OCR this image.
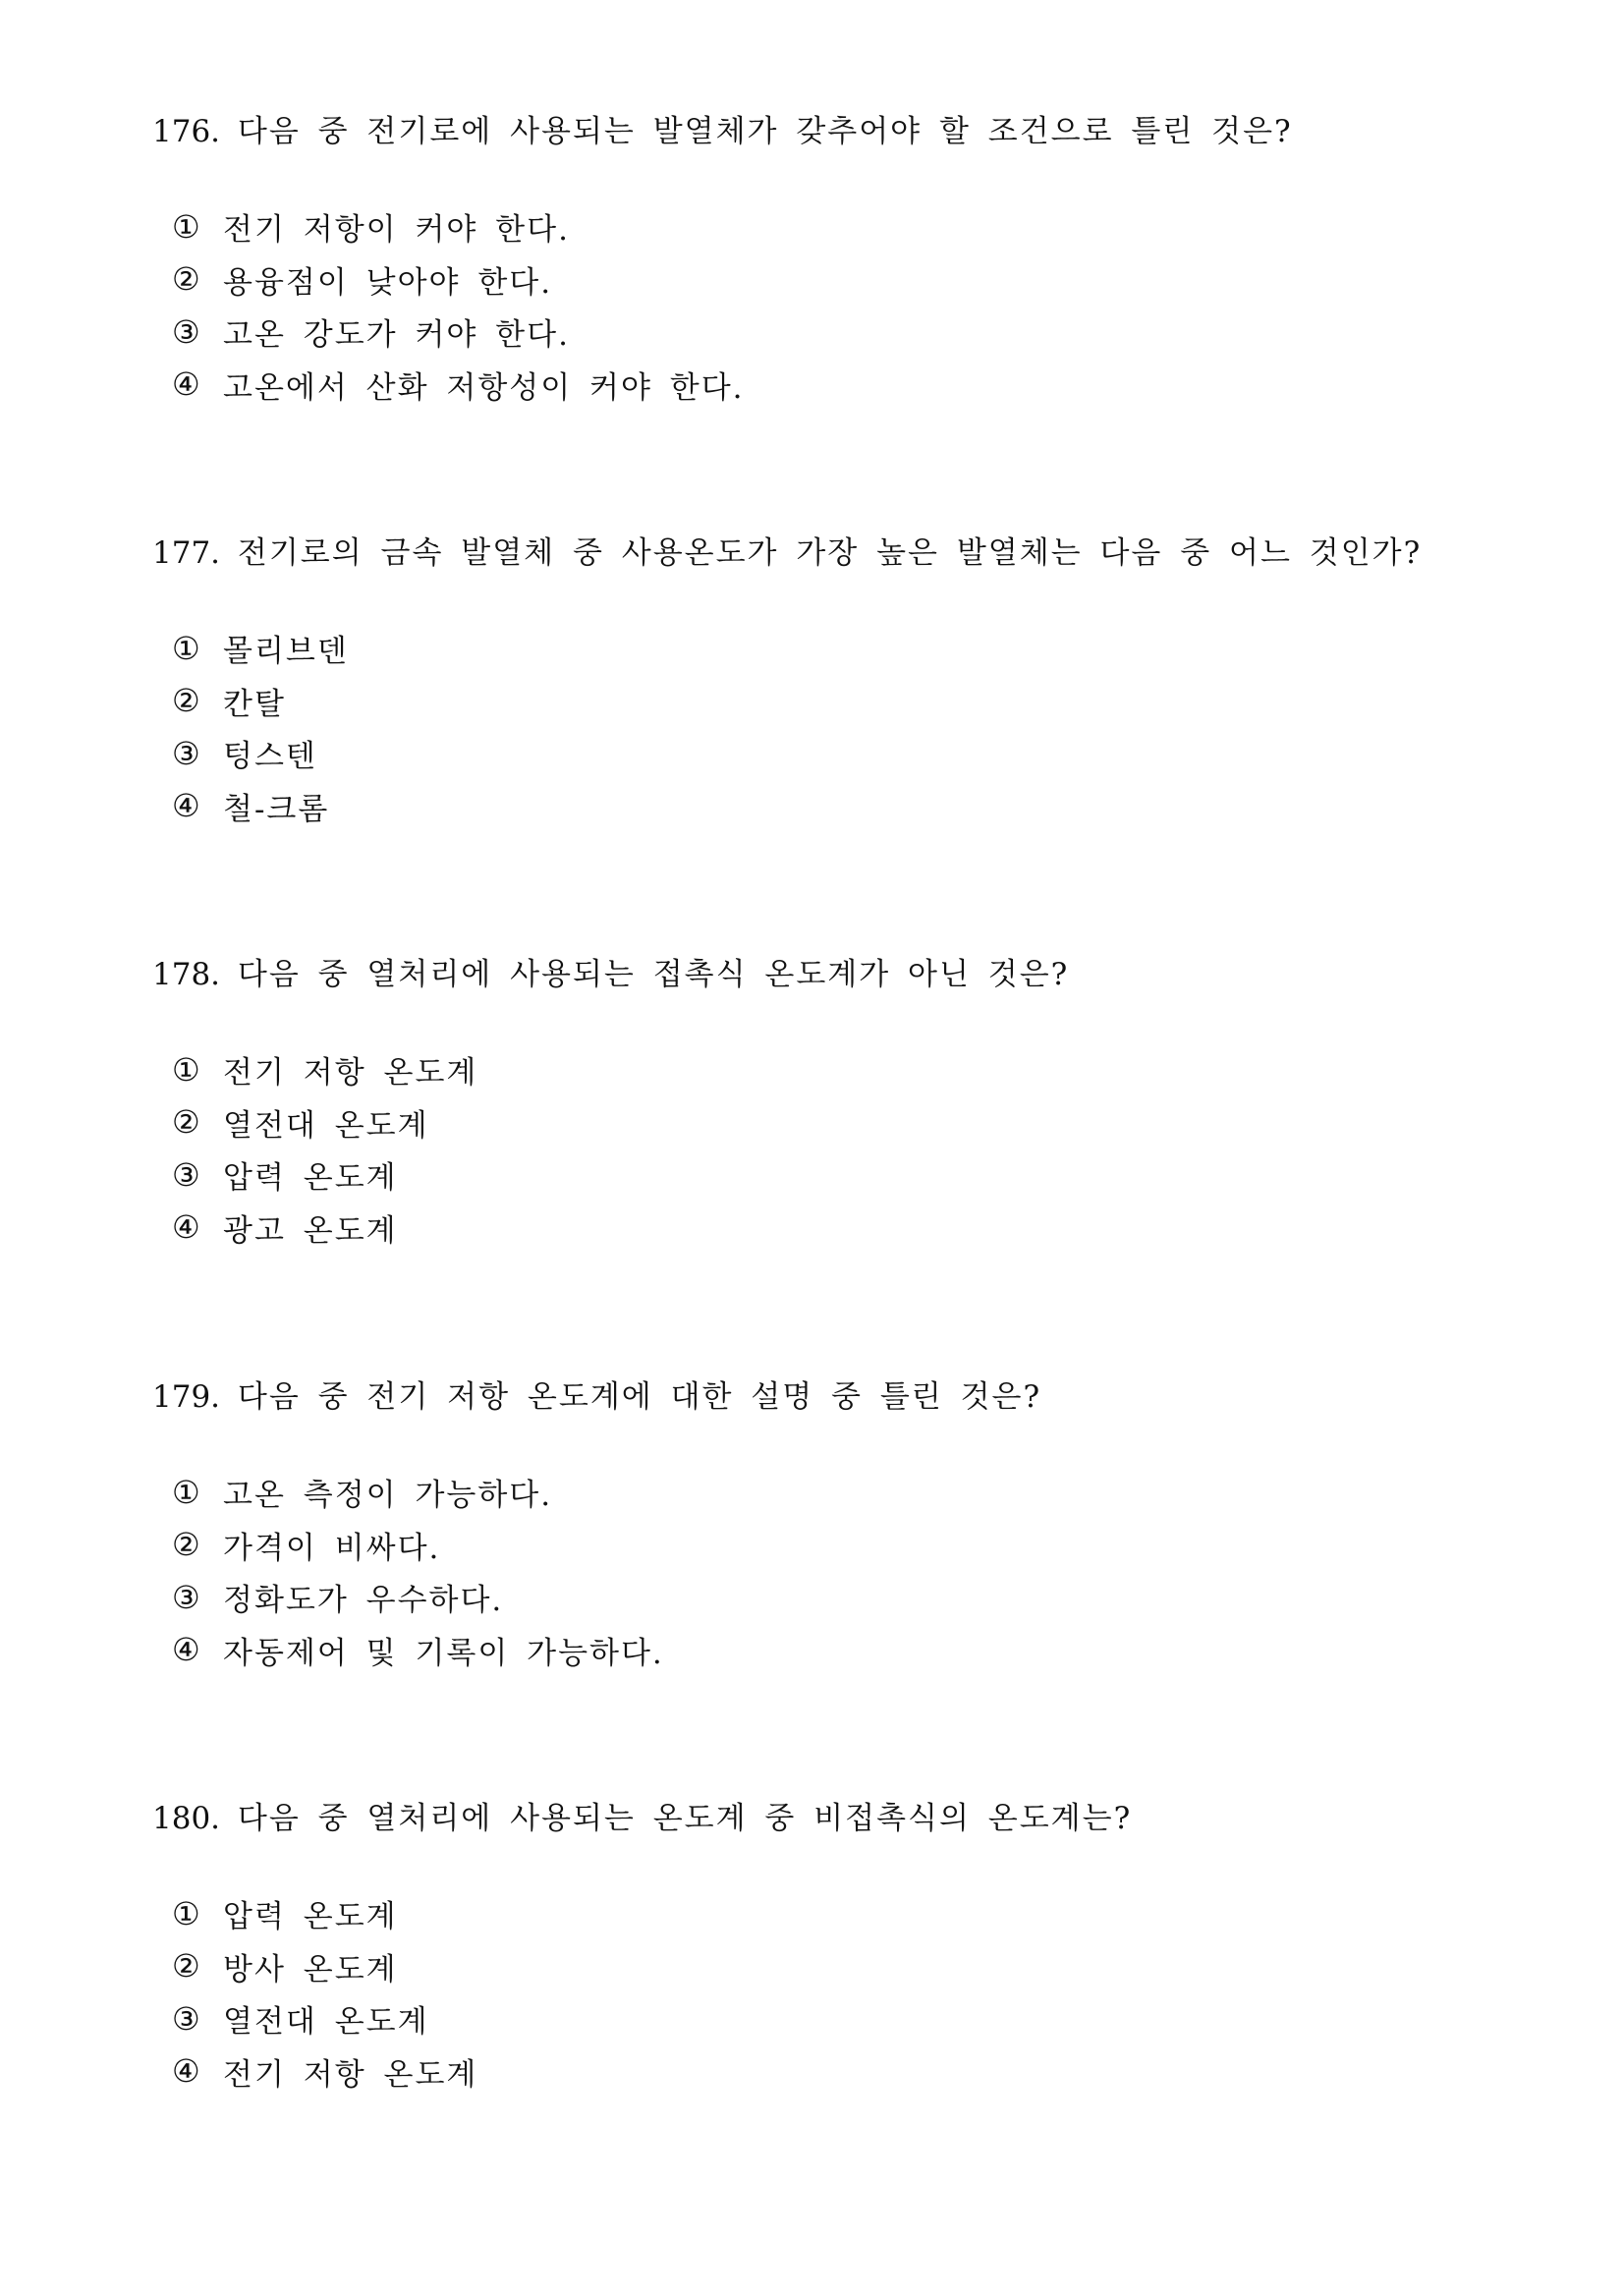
176. 다음 중 전기로에 사용되는 발열체가 갖추어야 할 조건으로 틀린 것은?
① 전기 저항이 커야 한다.
② 용융점이 낮아야 한다.
③ 고온 강도가 커야 한다.
④ 고온에서 산화 저항성이 커야 한다.
177. 전기로의 금속 발열체 중 사용온도가 가장 높은 발열체는 다음 중 어느 것인가?
① 몰리브덴
② 칸탈
③ 텅스텐
④ 철-크롬
178. 다음 중 열처리에 사용되는 접촉식 온도계가 아닌 것은?
① 전기 저항 온도계
② 열전대 온도계
③ 압력 온도계
④ 광고 온도계
179. 다음 중 전기 저항 온도계에 대한 설명 중 틀린 것은?
① 고온 측정이 가능하다.
② 가격이 비싸다.
③ 정화도가 우수하다.
④ 자동제어 및 기록이 가능하다.
180. 다음 중 열처리에 사용되는 온도계 중 비접촉식의 온도계는?
① 압력 온도계
② 방사 온도계
③ 열전대 온도계
④ 전기 저항 온도계
